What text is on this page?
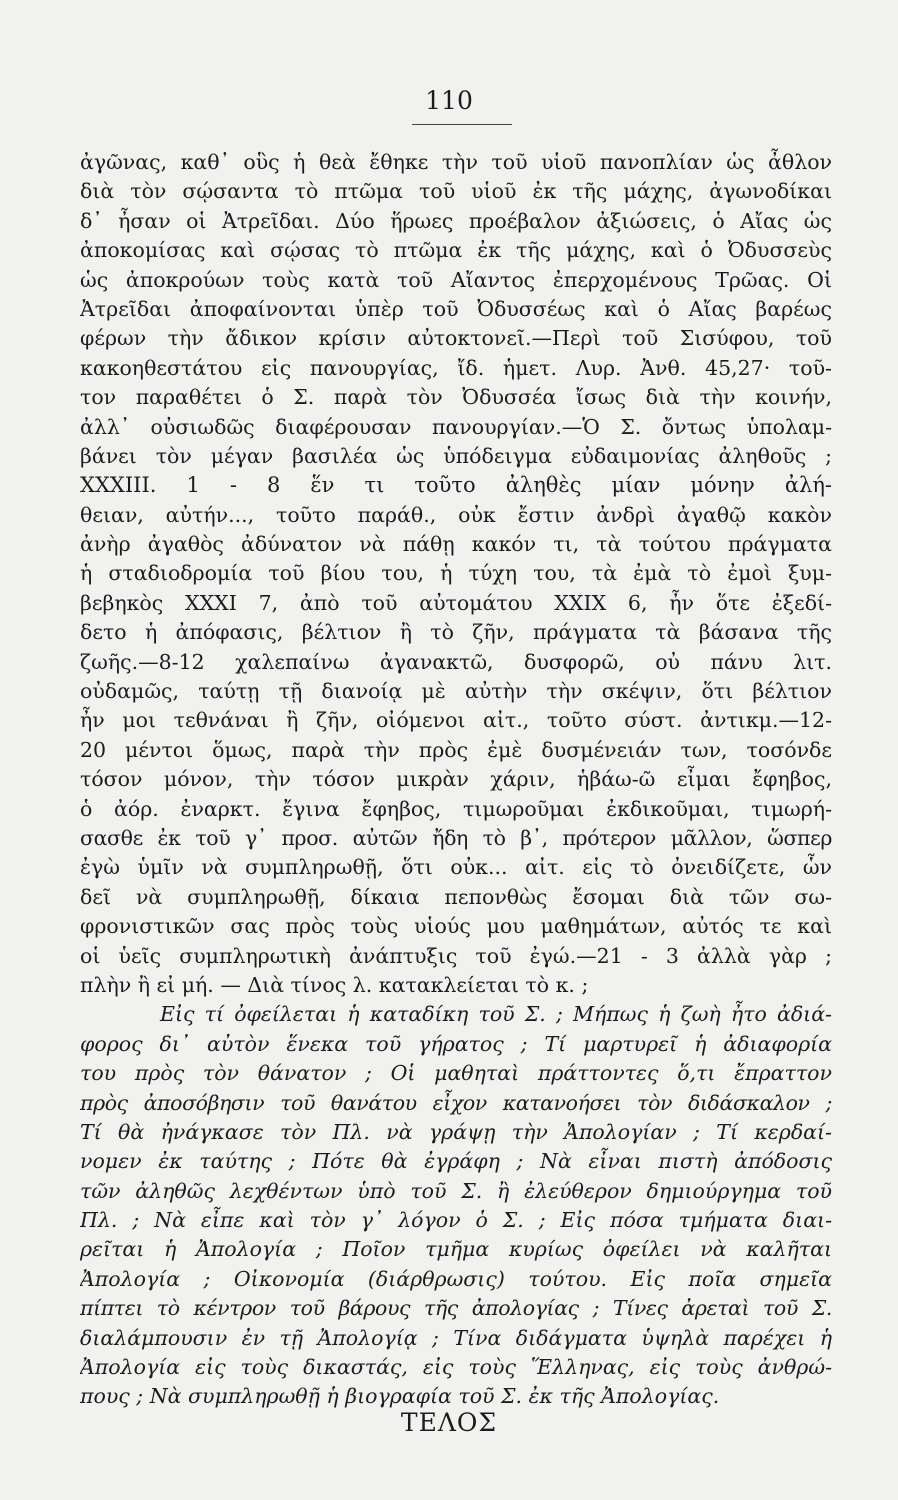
110
ἀγῶνας, καθ᾽ οὓς ἡ θεὰ ἔθηκε τὴν τοῦ υἱοῦ πανοπλίαν ὡς ἆθλον
διὰ τὸν σῴσαντα τὸ πτῶμα τοῦ υἱοῦ ἐκ τῆς μάχης, ἀγωνοδίκαι
δ᾽ ἦσαν οἱ Ἀτρεῖδαι. Δύο ἥρωες προέβαλον ἀξιώσεις, ὁ Αἴας ὡς
ἀποκομίσας καὶ σῴσας τὸ πτῶμα ἐκ τῆς μάχης, καὶ ὁ Ὀδυσσεὺς
ὡς ἀποκρούων τοὺς κατὰ τοῦ Αἴαντος ἐπερχομένους Τρῶας. Οἱ
Ἀτρεῖδαι ἀποφαίνονται ὑπὲρ τοῦ Ὀδυσσέως καὶ ὁ Αἴας βαρέως
φέρων τὴν ἄδικον κρίσιν αὐτοκτονεῖ.—Περὶ τοῦ Σισύφου, τοῦ
κακοηθεστάτου εἰς πανουργίας, ἴδ. ἡμετ. Λυρ. Ἀνθ. 45,27· τοῦ-
τον παραθέτει ὁ Σ. παρὰ τὸν Ὀδυσσέα ἴσως διὰ τὴν κοινήν,
ἀλλ᾽ οὐσιωδῶς διαφέρουσαν πανουργίαν.—Ὁ Σ. ὄντως ὑπολαμ-
βάνει τὸν μέγαν βασιλέα ὡς ὑπόδειγμα εὐδαιμονίας ἀληθοῦς ;
XXXIII. 1 - 8 ἕν τι τοῦτο ἀληθὲς μίαν μόνην ἀλή-
θειαν, αὐτήν..., τοῦτο παράθ., οὐκ ἔστιν ἀνδρὶ ἀγαθῷ κακὸν
ἀνὴρ ἀγαθὸς ἀδύνατον νὰ πάθῃ κακόν τι, τὰ τούτου πράγματα
ἡ σταδιοδρομία τοῦ βίου του, ἡ τύχη του, τὰ ἐμὰ τὸ ἐμοὶ ξυμ-
βεβηκὸς XXXI 7, ἀπὸ τοῦ αὐτομάτου XXIX 6, ἦν ὅτε ἐξεδί-
δετο ἡ ἀπόφασις, βέλτιον ἢ τὸ ζῆν, πράγματα τὰ βάσανα τῆς
ζωῆς.—8-12 χαλεπαίνω ἀγανακτῶ, δυσφορῶ, οὐ πάνυ λιτ.
οὐδαμῶς, ταύτῃ τῇ διανοίᾳ μὲ αὐτὴν τὴν σκέψιν, ὅτι βέλτιον
ἦν μοι τεθνάναι ἢ ζῆν, οἰόμενοι αἰτ., τοῦτο σύστ. ἀντικμ.—12-
20 μέντοι ὅμως, παρὰ τὴν πρὸς ἐμὲ δυσμένειάν των, τοσόνδε
τόσον μόνον, τὴν τόσον μικρὰν χάριν, ἡβάω-ῶ εἶμαι ἔφηβος,
ὁ ἀόρ. ἐναρκτ. ἔγινα ἔφηβος, τιμωροῦμαι ἐκδικοῦμαι, τιμωρή-
σασθε ἐκ τοῦ γ᾽ προσ. αὐτῶν ἤδη τὸ β᾽, πρότερον μᾶλλον, ὥσπερ
ἐγὼ ὑμῖν νὰ συμπληρωθῇ, ὅτι οὐκ... αἰτ. εἰς τὸ ὀνειδίζετε, ὧν
δεῖ νὰ συμπληρωθῇ, δίκαια πεπονθὼς ἔσομαι διὰ τῶν σω-
φρονιστικῶν σας πρὸς τοὺς υἱούς μου μαθημάτων, αὐτός τε καὶ
οἱ ὑεῖς συμπληρωτικὴ ἀνάπτυξις τοῦ ἐγώ.—21 - 3 ἀλλὰ γὰρ ;
πλὴν ἢ εἰ μή. — Διὰ τίνος λ. κατακλείεται τὸ κ. ;
Εἰς τί ὀφείλεται ἡ καταδίκη τοῦ Σ. ; Μήπως ἡ ζωὴ ἦτο ἀδιά-
φορος δι᾽ αὐτὸν ἕνεκα τοῦ γήρατος ; Τί μαρτυρεῖ ἡ ἀδιαφορία
του πρὸς τὸν θάνατον ; Οἱ μαθηταὶ πράττοντες ὅ,τι ἔπραττον
πρὸς ἀποσόβησιν τοῦ θανάτου εἶχον κατανοήσει τὸν διδάσκαλον ;
Τί θὰ ἠνάγκασε τὸν Πλ. νὰ γράψῃ τὴν Ἀπολογίαν ; Τί κερδαί-
νομεν ἐκ ταύτης ; Πότε θὰ ἐγράφη ; Νὰ εἶναι πιστὴ ἀπόδοσις
τῶν ἀληθῶς λεχθέντων ὑπὸ τοῦ Σ. ἢ ἐλεύθερον δημιούργημα τοῦ
Πλ. ; Νὰ εἶπε καὶ τὸν γ᾽ λόγον ὁ Σ. ; Εἰς πόσα τμήματα διαι-
ρεῖται ἡ Ἀπολογία ; Ποῖον τμῆμα κυρίως ὀφείλει νὰ καλῆται
Ἀπολογία ; Οἰκονομία (διάρθρωσις) τούτου. Εἰς ποῖα σημεῖα
πίπτει τὸ κέντρον τοῦ βάρους τῆς ἀπολογίας ; Τίνες ἀρεταὶ τοῦ Σ.
διαλάμπουσιν ἐν τῇ Ἀπολογίᾳ ; Τίνα διδάγματα ὑψηλὰ παρέχει ἡ
Ἀπολογία εἰς τοὺς δικαστάς, εἰς τοὺς Ἕλληνας, εἰς τοὺς ἀνθρώ-
πους ; Νὰ συμπληρωθῇ ἡ βιογραφία τοῦ Σ. ἐκ τῆς Ἀπολογίας.
ΤΕΛΟΣ
